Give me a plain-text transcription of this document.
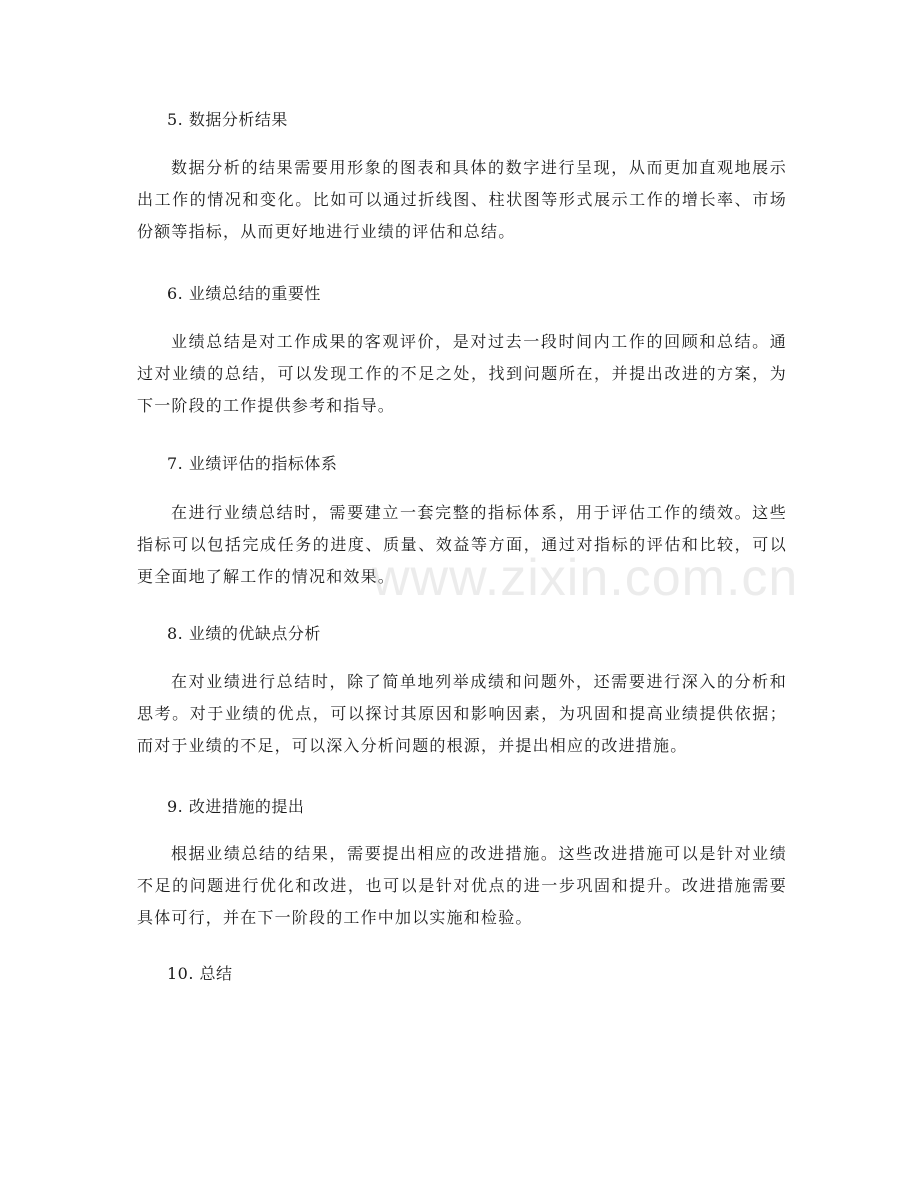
5. 数据分析结果
数据分析的结果需要用形象的图表和具体的数字进行呈现，从而更加直观地展示出工作的情况和变化。比如可以通过折线图、柱状图等形式展示工作的增长率、市场份额等指标，从而更好地进行业绩的评估和总结。
6. 业绩总结的重要性
业绩总结是对工作成果的客观评价，是对过去一段时间内工作的回顾和总结。通过对业绩的总结，可以发现工作的不足之处，找到问题所在，并提出改进的方案，为下一阶段的工作提供参考和指导。
7. 业绩评估的指标体系
在进行业绩总结时，需要建立一套完整的指标体系，用于评估工作的绩效。这些指标可以包括完成任务的进度、质量、效益等方面，通过对指标的评估和比较，可以更全面地了解工作的情况和效果。
8. 业绩的优缺点分析
在对业绩进行总结时，除了简单地列举成绩和问题外，还需要进行深入的分析和思考。对于业绩的优点，可以探讨其原因和影响因素，为巩固和提高业绩提供依据；而对于业绩的不足，可以深入分析问题的根源，并提出相应的改进措施。
9. 改进措施的提出
根据业绩总结的结果，需要提出相应的改进措施。这些改进措施可以是针对业绩不足的问题进行优化和改进，也可以是针对优点的进一步巩固和提升。改进措施需要具体可行，并在下一阶段的工作中加以实施和检验。
10. 总结
www.zixin.com.cn
